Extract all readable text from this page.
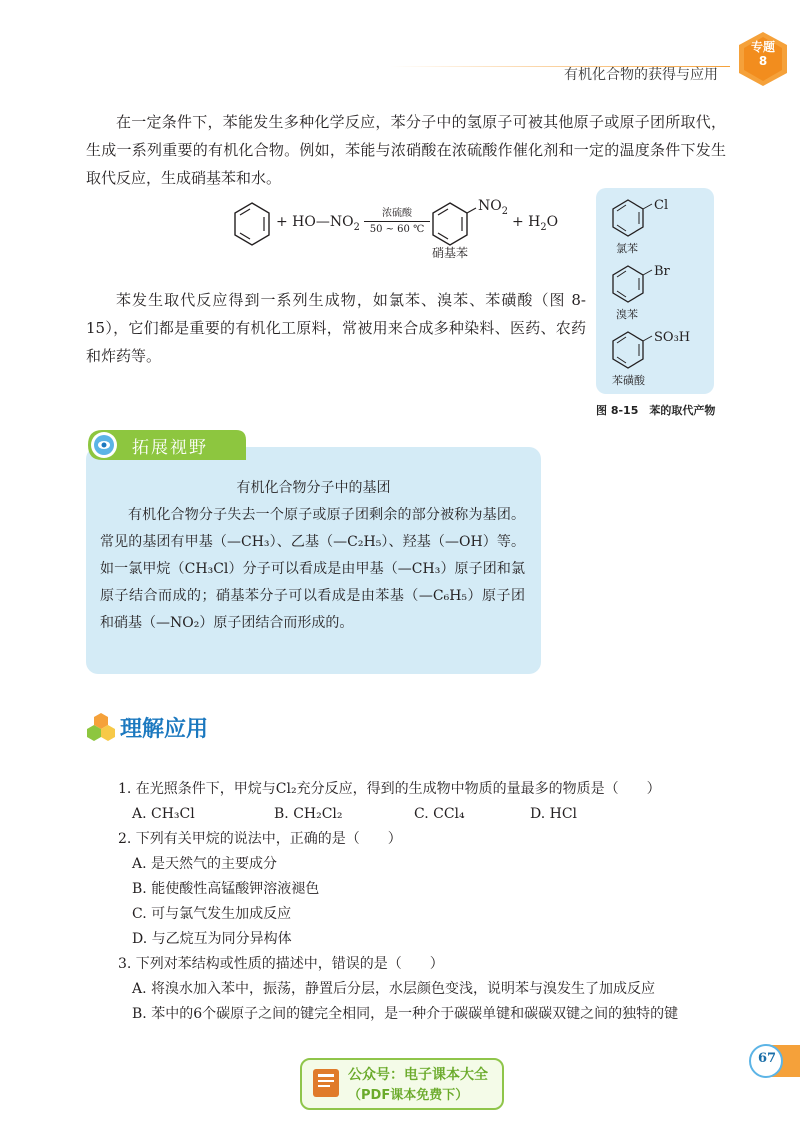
有机化合物的获得与应用
专题
8
在一定条件下，苯能发生多种化学反应，苯分子中的氢原子可被其他原子或原子团所取代，生成一系列重要的有机化合物。例如，苯能与浓硝酸在浓硫酸作催化剂和一定的温度条件下发生取代反应，生成硝基苯和水。
+ $HO—NO_2$
浓硫酸
50 ~ 60 ℃
$NO_2$
+ $H_2O$
硝基苯
苯发生取代反应得到一系列生成物，如氯苯、溴苯、苯磺酸（图 8-15），它们都是重要的有机化工原料，常被用来合成多种染料、医药、农药和炸药等。
Cl
氯苯
Br
溴苯
SO₃H
苯磺酸
图 8-15　苯的取代产物
拓展视野
有机化合物分子中的基团
有机化合物分子失去一个原子或原子团剩余的部分被称为基团。常见的基团有甲基（—CH₃）、乙基（—C₂H₅）、羟基（—OH）等。如一氯甲烷（CH₃Cl）分子可以看成是由甲基（—CH₃）原子团和氯原子结合而成的；硝基苯分子可以看成是由苯基（—C₆H₅）原子团和硝基（—NO₂）原子团结合而形成的。
理解应用
1. 在光照条件下，甲烷与Cl₂充分反应，得到的生成物中物质的量最多的物质是（　　）
A. CH₃Cl	B. CH₂Cl₂	C. CCl₄	D. HCl
2. 下列有关甲烷的说法中，正确的是（　　）
A. 是天然气的主要成分
B. 能使酸性高锰酸钾溶液褪色
C. 可与氯气发生加成反应
D. 与乙烷互为同分异构体
3. 下列对苯结构或性质的描述中，错误的是（　　）
A. 将溴水加入苯中，振荡，静置后分层，水层颜色变浅，说明苯与溴发生了加成反应
B. 苯中的6个碳原子之间的键完全相同，是一种介于碳碳单键和碳碳双键之间的独特的键
67
公众号：电子课本大全
（PDF课本免费下）
